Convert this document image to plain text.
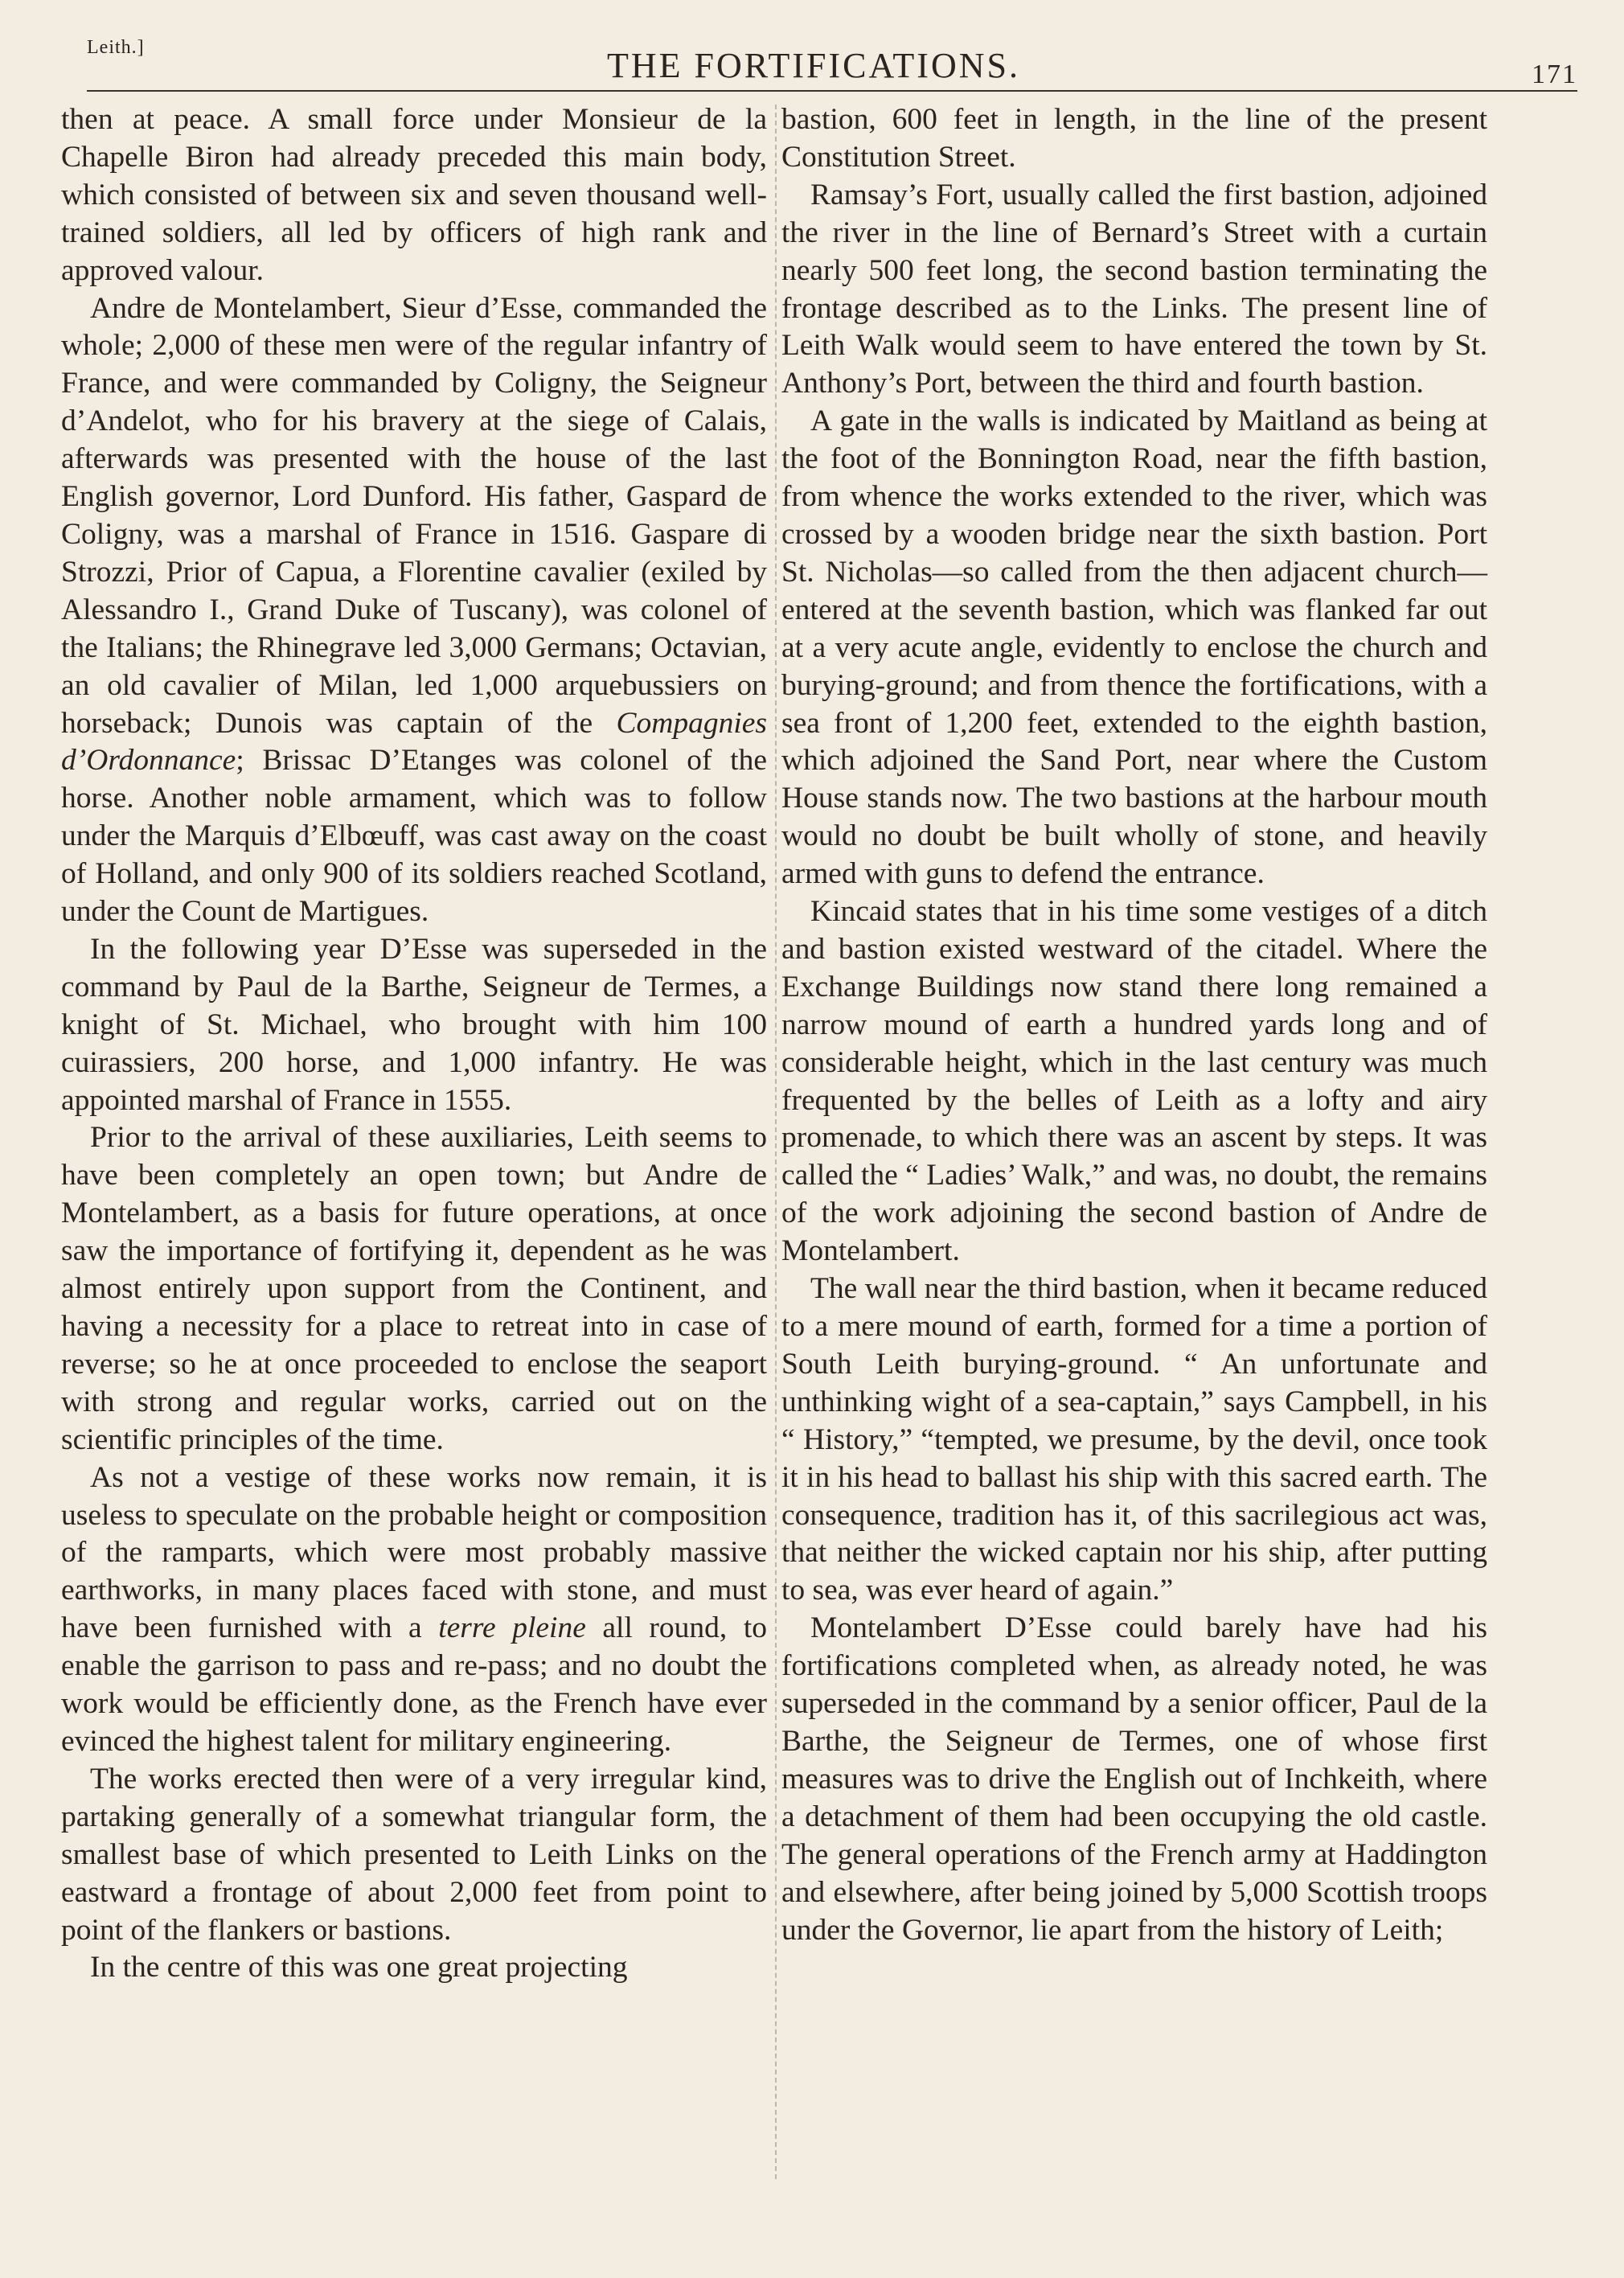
Leith.]	THE FORTIFICATIONS.	171

then at peace. A small force under Monsieur de la Chapelle Biron had already preceded this main body, which consisted of between six and seven thousand well-trained soldiers, all led by officers of high rank and approved valour.

Andre de Montelambert, Sieur d’Esse, commanded the whole; 2,000 of these men were of the regular infantry of France, and were commanded by Coligny, the Seigneur d’Andelot, who for his bravery at the siege of Calais, afterwards was presented with the house of the last English governor, Lord Dunford. His father, Gaspard de Coligny, was a marshal of France in 1516. Gaspare di Strozzi, Prior of Capua, a Florentine cavalier (exiled by Alessandro I., Grand Duke of Tuscany), was colonel of the Italians; the Rhinegrave led 3,000 Germans; Octavian, an old cavalier of Milan, led 1,000 arquebussiers on horseback; Dunois was captain of the Compagnies d’Ordonnance; Brissac D’Etanges was colonel of the horse. Another noble armament, which was to follow under the Marquis d’Elbœuff, was cast away on the coast of Holland, and only 900 of its soldiers reached Scotland, under the Count de Martigues.

In the following year D’Esse was superseded in the command by Paul de la Barthe, Seigneur de Termes, a knight of St. Michael, who brought with him 100 cuirassiers, 200 horse, and 1,000 infantry. He was appointed marshal of France in 1555.

Prior to the arrival of these auxiliaries, Leith seems to have been completely an open town; but Andre de Montelambert, as a basis for future operations, at once saw the importance of fortifying it, dependent as he was almost entirely upon support from the Continent, and having a necessity for a place to retreat into in case of reverse; so he at once proceeded to enclose the seaport with strong and regular works, carried out on the scientific principles of the time.

As not a vestige of these works now remain, it is useless to speculate on the probable height or composition of the ramparts, which were most probably massive earthworks, in many places faced with stone, and must have been furnished with a terre pleine all round, to enable the garrison to pass and re-pass; and no doubt the work would be efficiently done, as the French have ever evinced the highest talent for military engineering.

The works erected then were of a very irregular kind, partaking generally of a somewhat triangular form, the smallest base of which presented to Leith Links on the eastward a frontage of about 2,000 feet from point to point of the flankers or bastions.

In the centre of this was one great projecting

bastion, 600 feet in length, in the line of the present Constitution Street.

Ramsay’s Fort, usually called the first bastion, adjoined the river in the line of Bernard’s Street with a curtain nearly 500 feet long, the second bastion terminating the frontage described as to the Links. The present line of Leith Walk would seem to have entered the town by St. Anthony’s Port, between the third and fourth bastion.

A gate in the walls is indicated by Maitland as being at the foot of the Bonnington Road, near the fifth bastion, from whence the works extended to the river, which was crossed by a wooden bridge near the sixth bastion. Port St. Nicholas—so called from the then adjacent church—entered at the seventh bastion, which was flanked far out at a very acute angle, evidently to enclose the church and burying-ground; and from thence the fortifications, with a sea front of 1,200 feet, extended to the eighth bastion, which adjoined the Sand Port, near where the Custom House stands now. The two bastions at the harbour mouth would no doubt be built wholly of stone, and heavily armed with guns to defend the entrance.

Kincaid states that in his time some vestiges of a ditch and bastion existed westward of the citadel. Where the Exchange Buildings now stand there long remained a narrow mound of earth a hundred yards long and of considerable height, which in the last century was much frequented by the belles of Leith as a lofty and airy promenade, to which there was an ascent by steps. It was called the “ Ladies’ Walk,” and was, no doubt, the remains of the work adjoining the second bastion of Andre de Montelambert.

The wall near the third bastion, when it became reduced to a mere mound of earth, formed for a time a portion of South Leith burying-ground. “ An unfortunate and unthinking wight of a sea-captain,” says Campbell, in his “ History,” “tempted, we presume, by the devil, once took it in his head to ballast his ship with this sacred earth. The consequence, tradition has it, of this sacrilegious act was, that neither the wicked captain nor his ship, after putting to sea, was ever heard of again.”

Montelambert D’Esse could barely have had his fortifications completed when, as already noted, he was superseded in the command by a senior officer, Paul de la Barthe, the Seigneur de Termes, one of whose first measures was to drive the English out of Inchkeith, where a detachment of them had been occupying the old castle. The general operations of the French army at Haddington and elsewhere, after being joined by 5,000 Scottish troops under the Governor, lie apart from the history of Leith;
